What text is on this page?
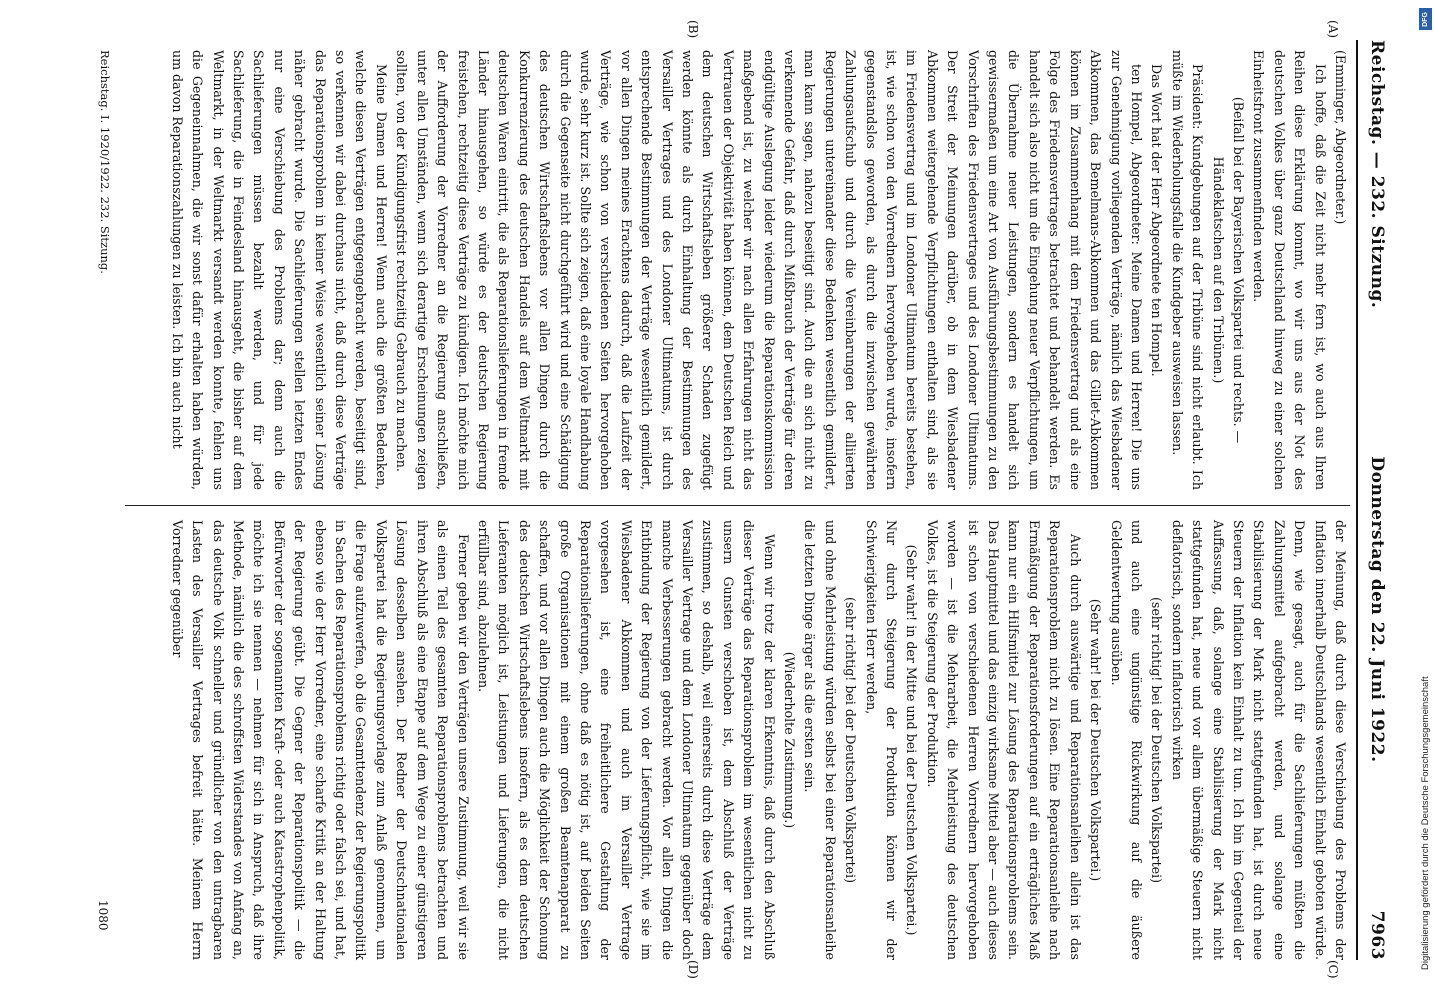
Reichstag. — 232. Sitzung.
Donnerstag den 22. Juni 1922.
7963
(A)
(B)
(C)
(D)

(Emminger, Abgeordneter.)

Ich hoffe, daß die Zeit nicht mehr fern ist, wo auch aus Ihren Reihen diese Erklärung kommt, wo wir uns aus der Not des deutschen Volkes über ganz Deutschland hinweg zu einer solchen Einheitsfront zusammenfinden werden.

(Beifall bei der Bayerischen Volkspartei und rechts. — Händeklatschen auf den Tribünen.)

Präsident: Kundgebungen auf der Tribüne sind nicht erlaubt. Ich müßte im Wiederholungsfalle die Kundgeber ausweisen lassen.

Das Wort hat der Herr Abgeordnete ten Hompel.

ten Hompel, Abgeordneter: Meine Damen und Herren! Die uns zur Genehmigung vorliegenden Verträge, nämlich das Wiesbadener Abkommen, das Bemelmans-Abkommen und das Gillet-Abkommen können im Zusammenhang mit dem Friedensvertrag und als eine Folge des Friedensvertrages betrachtet und behandelt werden. Es handelt sich also nicht um die Eingehung neuer Verpflichtungen, um die Übernahme neuer Leistungen, sondern es handelt sich gewissermaßen um eine Art von Ausführungsbestimmungen zu den Vorschriften des Friedensvertrages und des Londoner Ultimatums. Der Streit der Meinungen darüber, ob in dem Wiesbadener Abkommen weitergehende Verpflichtungen enthalten sind, als sie im Friedensvertrag und im Londoner Ultimatum bereits bestehen, ist, wie schon von den Vorrednern hervorgehoben wurde, insofern gegenstandslos geworden, als durch die inzwischen gewährten Zahlungsaufschub und durch die Vereinbarungen der alliierten Regierungen untereinander diese Bedenken wesentlich gemildert, man kann sagen, nahezu beseitigt sind. Auch die an sich nicht zu verkennende Gefahr, daß durch Mißbrauch der Verträge für deren endgültige Auslegung leider wiederum die Reparationskommission maßgebend ist, zu welcher wir nach allen Erfahrungen nicht das Vertrauen der Objektivität haben können, dem Deutschen Reich und dem deutschen Wirtschaftsleben größerer Schaden zugefügt werden könnte als durch Einhaltung der Bestimmungen des Versailler Vertrages und des Londoner Ultimatums, ist durch entsprechende Bestimmungen der Verträge wesentlich gemildert, vor allen Dingen meines Erachtens dadurch, daß die Laufzeit der Verträge, wie schon von verschiedenen Seiten hervorgehoben wurde, sehr kurz ist. Sollte sich zeigen, daß eine loyale Handhabung durch die Gegenseite nicht durchgeführt wird und eine Schädigung des deutschen Wirtschaftslebens vor allen Dingen durch die Konkurrenzierung des deutschen Handels auf dem Weltmarkt mit deutschen Waren eintritt, die als Reparationslieferungen in fremde Länder hinausgehen, so würde es der deutschen Regierung freistehen, rechtzeitig diese Verträge zu kündigen. Ich möchte mich der Aufforderung der Vorredner an die Regierung anschließen, unter allen Umständen, wenn sich derartige Erscheinungen zeigen sollten, von der Kündigungsfrist rechtzeitig Gebrauch zu machen.

Meine Damen und Herren! Wenn auch die größten Bedenken, welche diesen Verträgen entgegengebracht werden, beseitigt sind, so verkennen wir dabei durchaus nicht, daß durch diese Verträge das Reparationsproblem in keiner Weise wesentlich seiner Lösung näher gebracht wurde. Die Sachlieferungen stellen letzten Endes nur eine Verschiebung des Problems dar; denn auch die Sachlieferungen müssen bezahlt werden, und für jede Sachlieferung, die in Feindesland hinausgeht, die bisher auf dem Weltmarkt, in der Weltmarkt versandt werden konnte, fehlen uns die Gegeneinnahmen, die wir sonst dafür erhalten haben würden, um davon Reparationszahlungen zu leisten. Ich bin auch nicht

der Meinung, daß durch diese Verschiebung des Problems der Inflation innerhalb Deutschlands wesentlich Einhalt geboten würde. Denn, wie gesagt, auch für die Sachlieferungen müßten die Zahlungsmittel aufgebracht werden, und solange eine Stabilisierung der Mark nicht stattgefunden hat, ist durch neue Steuern der Inflation kein Einhalt zu tun. Ich bin im Gegenteil der Auffassung, daß, solange eine Stabilisierung der Mark nicht stattgefunden hat, neue und vor allem übermäßige Steuern nicht deflatorisch, sondern inflatorisch wirken

(sehr richtig! bei der Deutschen Volkspartei)

und auch eine ungünstige Rückwirkung auf die äußere Geldentwertung ausüben.

(Sehr wahr! bei der Deutschen Volkspartei.)

Auch durch auswärtige und Reparationsanleihen allein ist das Reparationsproblem nicht zu lösen. Eine Reparationsanleihe nach Ermäßigung der Reparationsforderungen auf ein erträgliches Maß kann nur ein Hilfsmittel zur Lösung des Reparationsproblems sein. Das Hauptmittel und das einzig wirksame Mittel aber — auch dieses ist schon von verschiedenen Herren Vorrednern hervorgehoben worden — ist die Mehrarbeit, die Mehrleistung des deutschen Volkes, ist die Steigerung der Produktion.

(Sehr wahr! in der Mitte und bei der Deutschen Volkspartei.)

Nur durch Steigerung der Produktion können wir der Schwierigkeiten Herr werden,

(sehr richtig! bei der Deutschen Volkspartei)

und ohne Mehrleistung würden selbst bei einer Reparationsanleihe die letzten Dinge ärger als die ersten sein.

(Wiederholte Zustimmung.)

Wenn wir trotz der klaren Erkenntnis, daß durch den Abschluß dieser Verträge das Reparationsproblem im wesentlichen nicht zu unsern Gunsten verschoben ist, dem Abschluß der Verträge zustimmen, so deshalb, weil einerseits durch diese Verträge dem Versailler Vertrage und dem Londoner Ultimatum gegenüber doch manche Verbesserungen gebracht werden. Vor allen Dingen die Entbindung der Regierung von der Lieferungspflicht, wie sie im Wiesbadener Abkommen und auch im Versailler Vertrage vorgesehen ist, eine freiheitlichere Gestaltung der Reparationslieferungen, ohne daß es nötig ist, auf beiden Seiten große Organisationen mit einem großen Beamtenapparat zu schaffen, und vor allen Dingen auch die Möglichkeit der Schonung des deutschen Wirtschaftslebens insofern, als es dem deutschen Lieferanten möglich ist, Leistungen und Lieferungen, die nicht erfüllbar sind, abzulehnen.

Ferner geben wir den Verträgen unsere Zustimmung, weil wir sie als einen Teil des gesamten Reparationsproblems betrachten und ihren Abschluß als eine Etappe auf dem Wege zu einer günstigeren Lösung desselben ansehen. Der Redner der Deutschnationalen Volkspartei hat die Regierungsvorlage zum Anlaß genommen, um die Frage aufzuwerfen, ob die Gesamttendenz der Regierungspolitik in Sachen des Reparationsproblems richtig oder falsch sei, und hat, ebenso wie der Herr Vorredner, eine scharfe Kritik an der Haltung der Regierung geübt. Die Gegner der Reparationspolitik — die Befürworter der sogenannten Kraft- oder auch Katastrophenpolitik, möchte ich sie nennen — nehmen für sich in Anspruch, daß ihre Methode, nämlich die des schroffsten Widerstandes von Anfang an, das deutsche Volk schneller und gründlicher von den untragbaren Lasten des Versailler Vertrages befreit hätte. Meinem Herrn Vorredner gegenüber

Reichstag. I. 1920/1922. 232. Sitzung.
1080
DFG
Digitalisierung gefördert durch die Deutsche Forschungsgemeinschaft
